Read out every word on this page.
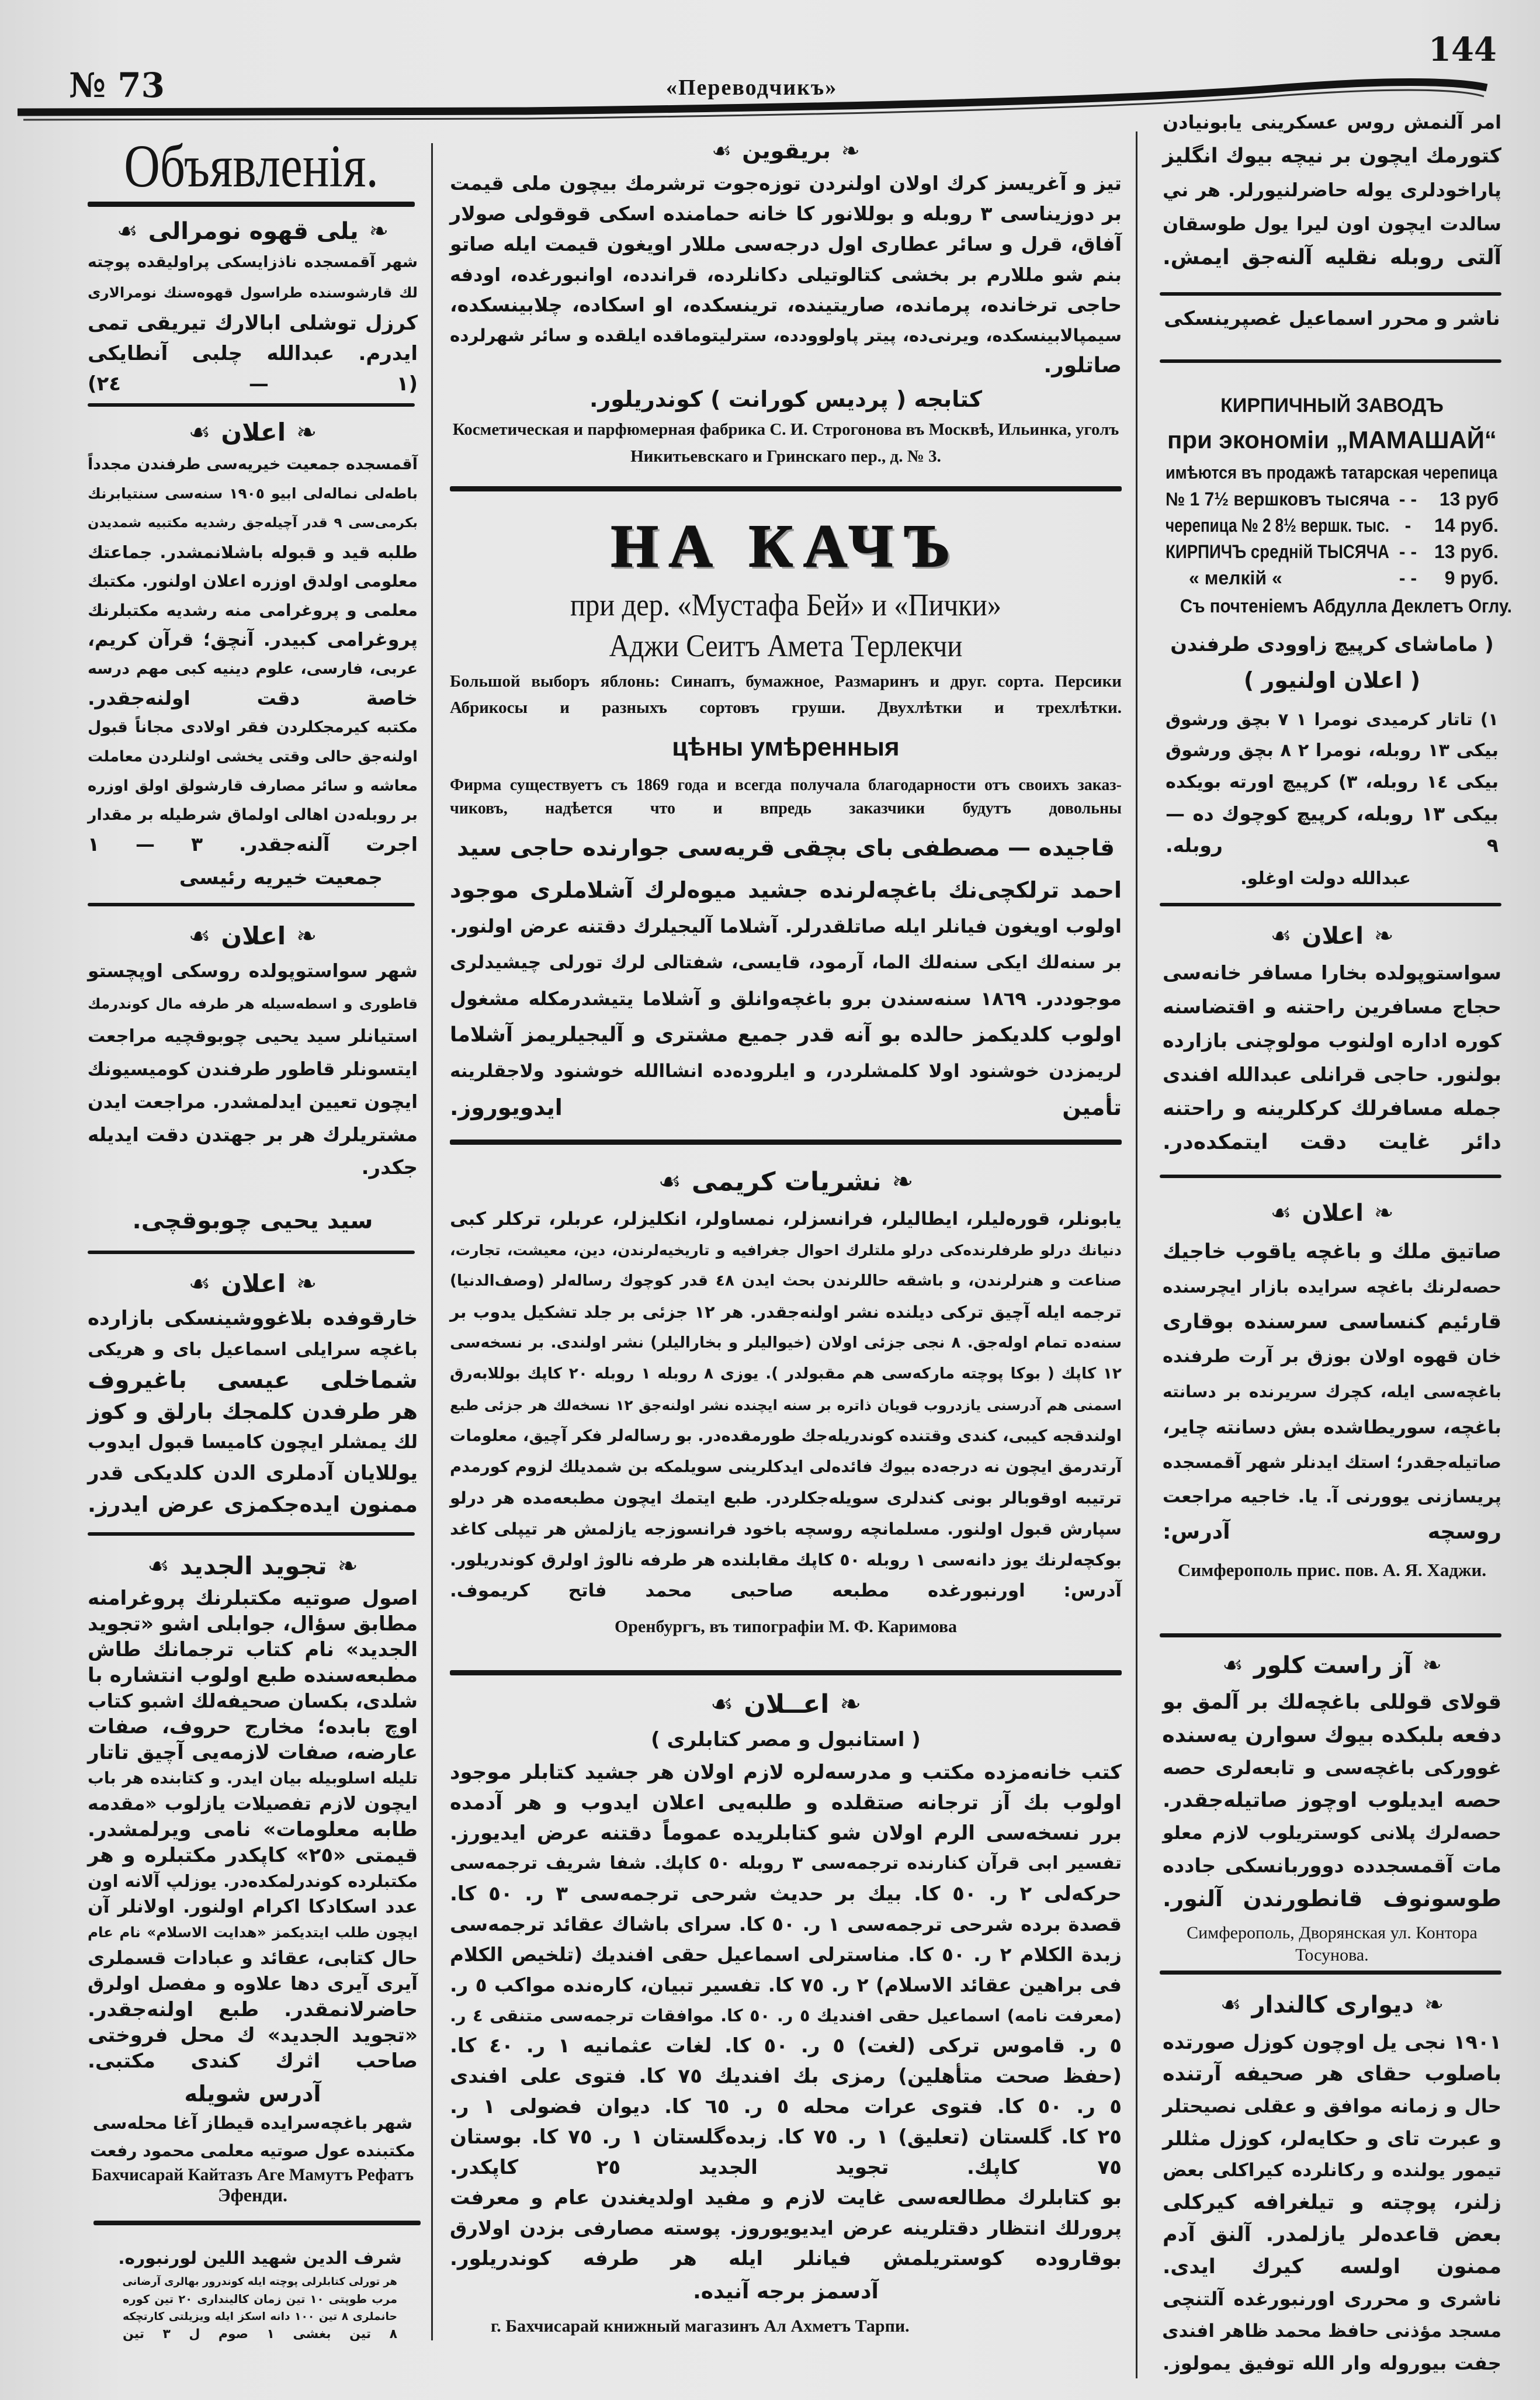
№ 73	«Переводчикъ»
144
Объявленія.
❧
يلى قهوه نومرالى
☙
شهر آقمسجده ناذزايسكى پراوليقده پوچته
لك قارشوسنده طراسول قهوه‌سنك نومرالارى
كرزل توشلى ابالارك تيريقى تمى
ايدرم. عبدالله چلبى آنطايكى
(١ — ٢٤)
❧
اعلان
☙
آقمسجده جمعيت خيريه‌سى طرفندن مجدداً
باطه‌لى نماله‌لى ابيو ١٩٠٥ سنه‌سى سنتيابرنك
بكرمى‌سى ٩ قدر آچيله‌جق رشديه مكتبيه شمديدن
طلبه قيد و قبوله باشلانمشدر. جماعتك
معلومى اولدق اوزره اعلان اولنور. مكتبك
معلمى و پروغرامى منه رشديه مكتبلرنك
پروغرامى كبيدر. آنچق؛ قرآن كريم،
عربى، فارسى، علوم دينيه كبى مهم درسه
خاصة دقت اولنه‌جقدر.
مكتبه كيرمجكلردن فقر اولادى مجاناً قبول
اولنه‌جق حالى وقتى يخشى اولنلردن معاملت
معاشه و سائر مصارف قارشولق اولق اوزره
بر روبله‌دن اهالى اولماق شرطيله بر مقدار
اجرت آلنه‌جقدر. ٣ — ١
جمعيت خيريه رئيسى
❧
اعلان
☙
شهر سواستوپولده روسكى اوپچستو
قاطورى و اسطه‌سيله هر طرفه مال كوندرمك
استيانلر سيد يحيى چوبوقچيه مراجعت
ايتسونلر قاطور طرفندن كوميسيونك
ايچون تعيين ايدلمشدر. مراجعت ايدن
مشتريلرك هر بر جهتدن دقت ايديله
جكدر.
سيد يحيى چوبوقچى.
❧
اعلان
☙
خارقوفده بلاغووشينسكى بازارده
باغچه سرايلى اسماعيل باى و هريكى
شماخلى عيسى باغيروف
هر طرفدن كلمجك بارلق و كوز
لك يمشلر ايچون كاميسا قبول ايدوب
يوللايان آدملرى الدن كلديكى قدر
ممنون ايده‌جكمزى عرض ايدرز.
❧
تجويد الجديد
☙
اصول صوتيه مكتبلرنك پروغرامنه
مطابق سؤال، جوابلى اشو «تجويد
الجديد» نام كتاب ترجمانك طاش
مطبعه‌سنده طبع اولوب انتشاره با
شلدى، بكسان صحيفه‌لك اشبو كتاب
اوچ بابده؛ مخارج حروف، صفات
عارضه، صفات لازمه‌يى آچيق تاتار
تليله اسلوبيله بيان ايدر. و كتابنده هر باب
ايچون لازم تفصيلات يازلوب «مقدمه
طابه معلومات» نامى ويرلمشدر.
قيمتى «٢٥» كاپكدر مكتبلره و هر
مكتبلرده كوندرلمكده‌در. يوزلپ آلانه اون
عدد اسكادكا اكرام اولنور. اولانلر آن
ايچون طلب ايتديكمز «هدايت الاسلام» نام عام
حال كتابى، عقائد و عبادات قسملرى
آيرى آيرى دها علاوه و مفصل اولرق
حاضرلانمقدر. طبع اولنه‌جقدر.
«تجويد الجديد» ك محل فروختى
صاحب اثرك كندى مكتبى.
آدرس شويله
شهر باغچه‌سرايده قيطاز آغا محله‌سى
مكتبنده عول صوتيه معلمى محمود رفعت
Бахчисарай Кайтазъ Аге Мамутъ Рефатъ
Эфенди.
شرف الدين شهيد اللين لورنبوره.
هر تورلى كتابلرلى پوچته ايله كوندرور بهالرى آرضانى
مرب طوپتى ١٠ تين زمان كاليندارى ٢٠ تين كوره
حانملرى ٨ تين ١٠٠ دانه اسكز ايله ويزيلتى كارتچكه
٨ تين بغشى ١ صوم ل ٣ تين
❧
بريقوين
☙
تيز و آغريسز كرك اولان اولنردن توزه‌جوت ترشرمك بيچون ملى قيمت
بر دوزيناسى ٣ روبله و بوللانور كا خانه حمامنده اسكى قوقولى صولار
آفاق، قرل و سائر عطارى اول درجه‌سى مللار اويغون قيمت ايله صاتو
بنم شو مللارم بر بخشى كتالوتيلى دكانلرده، قراندده، اوانبورغده، اودفه
حاجى ترخانده، پرمانده، صاريتينده، ترينسكده، او اسكاده، چلابينسكده،
سيمپالابينسكده، ويرنى‌ده، پيتر پاولوودده، سترليتوماقده ايلقده و سائر شهرلرده
صاتلور.
كتابجه ( پرديس كورانت ) كوندريلور.
Косметическая и парфюмерная фабрика С. И. Строгонова въ Москвѣ, Ильинка, уголъ
Никитьевскаго и Гринскаго пер., д. № 3.
НА КАЧЪ
при дер. «Мустафа Бей» и «Пички»
Аджи Сеитъ Амета Терлекчи
Большой выборъ яблонь: Синапъ, бумажное, Размаринъ и друг. сорта. Персики
Абрикосы и разныхъ сортовъ груши. Двухлѣтки и трехлѣтки.
цѣны умѣренныя
Фирма существуетъ съ 1869 года и всегда получала благодарности отъ своихъ заказ-
чиковъ, надѣется что и впредь заказчики будутъ довольны
قاجيده — مصطفى باى بچقى قريه‌سى جوارنده حاجى سيد
احمد ترلكچى‌نك باغچه‌لرنده جشيد ميوه‌لرك آشلاملرى موجود
اولوب اويغون فيانلر ايله صاتلقدرلر. آشلاما آليجيلرك دقتنه عرض اولنور.
بر سنه‌لك ايكى سنه‌لك الما، آرمود، قايسى، شفتالى لرك تورلى چيشيدلرى
موجوددر. ١٨٦٩ سنه‌سندن برو باغچه‌وانلق و آشلاما يتيشدرمكله مشغول
اولوب كلديكمز حالده بو آنه قدر جميع مشترى و آليجيلريمز آشلاما
لريمزدن خوشنود اولا كلمشلردر، و ايلروده‌ده انشاالله خوشنود ولاجقلرينه
تأمين ايدويوروز.
❧
نشريات كريمى
☙
يابونلر، قوره‌ليلر، ايطاليلر، فرانسزلر، نمساولر، انكليزلر، عربلر، تركلر كبى
دنيانك درلو طرفلرنده‌كى درلو ملتلرك احوال جغرافيه و تاريخيه‌لرندن، دين، معيشت، تجارت،
صناعت و هنرلرندن، و باشقه حاللرندن بحث ايدن ٤٨ قدر كوچوك رساله‌لر (وصف‌الدنيا)
ترجمه ايله آچيق تركى ديلنده نشر اولنه‌جقدر. هر ١٢ جزئى بر جلد تشكيل يدوب بر
سنه‌ده تمام اوله‌جق. ٨ نجى جزئى اولان (خيواليلر و بخاراليلر) نشر اولندى. بر نسخه‌سى
١٢ كاپك ( بوكا پوچته ماركه‌سى هم مقبولدر ). يوزى ٨ روبله ١ روبله ٢٠ كاپك بوللابه‌رق
اسمنى هم آدرسنى يازدروب قويان ذاتره بر سنه ايچنده نشر اولنه‌جق ١٢ نسخه‌لك هر جزئى طبع
اولندقجه كيبى، كندى وقتنده كوندريله‌جك طورمقده‌در. بو رساله‌لر فكر آچيق، معلومات
آرتدرمق ايچون نه درجه‌ده بيوك فائده‌لى ايدكلرينى سويلمكه بن شمديلك لزوم كورمدم
ترتيبه اوقوبالر بونى كندلرى سويله‌جكلردر. طبع ايتمك ايچون مطبعه‌مده هر درلو
سپارش قبول اولنور. مسلمانچه روسچه باخود فرانسوزجه يازلمش هر تيپلى كاغد
بوكچه‌لرنك يوز دانه‌سى ١ روبله ٥٠ كاپك مقابلنده هر طرفه نالوژ اولرق كوندريلور.
آدرس: اورنبورغده مطبعه صاحبى محمد فاتح كريموف.
Оренбургъ, въ типографіи М. Ф. Каримова
❧
اعــلان
☙
( استانبول و مصر كتابلرى )
كتب خانه‌مزده مكتب و مدرسه‌لره لازم اولان هر جشيد كتابلر موجود
اولوب بك آز ترجانه صتقلده و طلبه‌يى اعلان ايدوب و هر آدمده
برر نسخه‌سى الرم اولان شو كتابلريده عموماً دقتنه عرض ايديورز.
تفسير ابى قرآن كنارنده ترجمه‌سى ٣ روبله ٥٠ كاپك. شفا شريف ترجمه‌سى
حركه‌لى ٢ ر. ٥٠ كا. بيك بر حديث شرحى ترجمه‌سى ٣ ر. ٥٠ كا.
قصدة برده شرحى ترجمه‌سى ١ ر. ٥٠ كا. سراى باشاك عقائد ترجمه‌سى
زبدة الكلام ٢ ر. ٥٠ كا. مناسترلى اسماعيل حقى افنديك (تلخيص الكلام
فى براهين عقائد الاسلام) ٢ ر. ٧٥ كا. تفسير تبيان، كاره‌نده مواكب ٥ ر.
(معرفت نامه) اسماعيل حقى افنديك ٥ ر. ٥٠ كا. موافقات ترجمه‌سى متنقى ٤ ر.
٥ ر. قاموس تركى (لغت) ٥ ر. ٥٠ كا. لغات عثمانيه ١ ر. ٤٠ كا.
(حفظ صحت متأهلين) رمزى بك افنديك ٧٥ كا. فتوى على افندى
٥ ر. ٥٠ كا. فتوى عرات محله ٥ ر. ٦٥ كا. ديوان فضولى ١ ر.
٢٥ كا. گلستان (تعليق) ١ ر. ٧٥ كا. زبده‌گلستان ١ ر. ٧٥ كا. بوستان
٧٥ كاپك. تجويد الجديد ٢٥ كاپكدر.
بو كتابلرك مطالعه‌سى غايت لازم و مفيد اولديغندن عام و معرفت
پرورلك انتظار دقتلرينه عرض ايديويوروز. پوسته مصارفى بزدن اولارق
بوقاروده كوستريلمش فيانلر ايله هر طرفه كوندريلور.
آدسمز برجه آنيده.
г. Бахчисарай книжный магазинъ Ал Ахметъ Тарпи.
امر آلنمش روس عسكرينى يابونيادن
كتورمك ايچون بر نيچه بيوك انگليز
پاراخودلرى يوله حاضرلنيورلر. هر ني
سالدت ايچون اون ليرا يول طوسقان
آلتى روبله نقليه آلنه‌جق ايمش.
ناشر و محرر اسماعيل غصپرينسكى
КИРПИЧНЫЙ ЗАВОДЪ
при экономіи „МАМАШАЙ“
имѣются въ продажѣ татарская черепица
№ 1 7½ вершковъ тысяча - -	13 руб
черепица № 2 8½ вершк. тыс. -	14 руб.
КИРПИЧЪ средній ТЫСЯЧА - - 13 руб.
« мелкій «	- -	9 руб.
Съ почтеніемъ Абдулла Деклетъ Оглу.
( ماماشاى كرپيچ زاوودى طرفندن
( اعلان اولنيور )
١) تاتار كرميدى نومرا ١ ٧ بچق ورشوق
بيكى ١٣ روبله، نومرا ٢ ٨ بچق ورشوق
بيكى ١٤ روبله، ٣) كرپيچ اورته بويكده
بيكى ١٣ روبله، كرپيچ كوچوك ده —
٩ روبله.
عبدالله دولت اوغلو.
❧
اعلان
☙
سواستوپولده بخارا مسافر خانه‌سى
حجاج مسافرين راحتنه و اقتضاسنه
كوره اداره اولنوب مولوچنى بازارده
بولنور. حاجى قرانلى عبدالله افندى
جمله مسافرلك كركلرينه و راحتنه
دائر غايت دقت ايتمكده‌در.
❧
اعلان
☙
صاتيق ملك و باغچه ياقوب خاجيك
حصه‌لرنك باغچه سرايده بازار ايچرسنده
قارئيم كنساسى سرسنده بوقارى
خان قهوه اولان بوزق بر آرت طرفنده
باغچه‌سى ايله، كچرك سريرنده بر دسانته
باغچه، سوريطاشده بش دسانته چاير،
صاتيله‌جقدر؛ استك ايدنلر شهر آقمسجده
پريسازنى يوورنى آ. يا. خاجيه مراجعت
روسچه آدرس:
Симферополь прис. пов. А. Я. Хаджи.
❧
آز راست كلور
☙
قولاى قوللى باغچه‌لك بر آلمق بو
دفعه بلبكده بيوك سوارن يه‌سنده
غووركى باغچه‌سى و تابعه‌لرى حصه
حصه ايديلوب اوچوز صاتيله‌جقدر.
حصه‌لرك پلانى كوستريلوب لازم معلو
مات آقمسجدده دووربانسكى جادده
طوسونوف قانطورندن آلنور.
Симферополь, Дворянская ул. Контора
Тосунова.
❧
ديوارى كالندار
☙
١٩٠١ نجى يل اوچون كوزل صورتده
باصلوب حقاى هر صحيفه آرتنده
حال و زمانه موافق و عقلى نصيحتلر
و عبرت تاى و حكايه‌لر، كوزل مثللر
تيمور يولنده و ركانلرده كيراكلى بعض
زلنر، پوچته و تيلغرافه كيركلى
بعض قاعده‌لر يازلمدر. آلنق آدم
ممنون اولسه كيرك ايدى.
ناشرى و محررى اورنبورغده آلتنچى
مسجد مؤذنى حافظ محمد ظاهر افندى
جفت بيوروله وار الله توفيق يمولوز.
